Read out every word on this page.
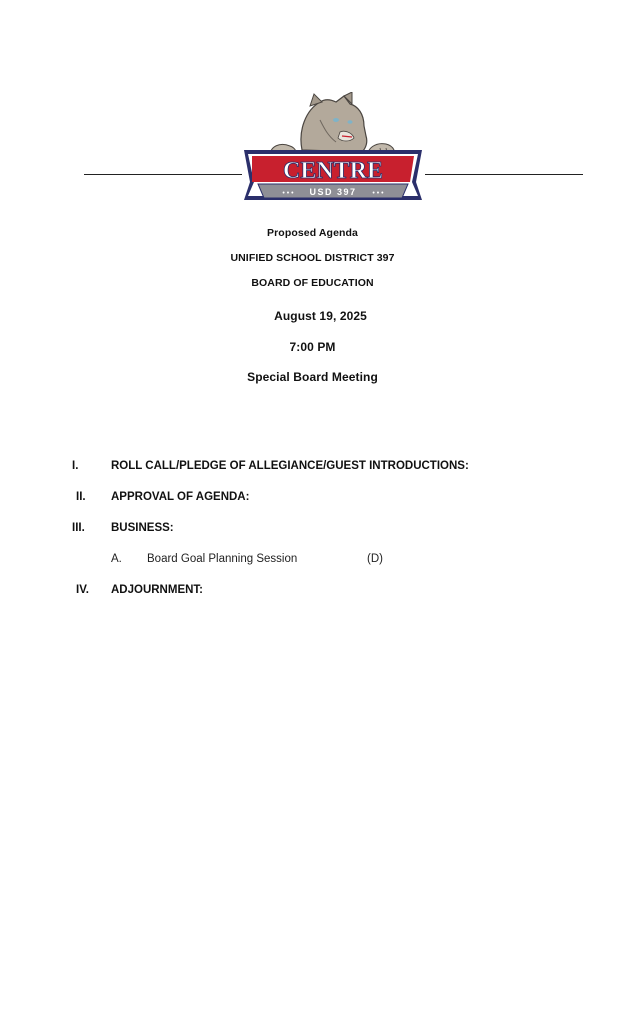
CENTRE
USD 397
• • •	• • •
Proposed Agenda
UNIFIED SCHOOL DISTRICT 397
BOARD OF EDUCATION
August 19, 2025
7:00 PM
Special Board Meeting
I.	ROLL CALL/PLEDGE OF ALLEGIANCE/GUEST INTRODUCTIONS:
II. APPROVAL OF AGENDA:
III. BUSINESS:
A. Board Goal Planning Session	(D)
IV. ADJOURNMENT:
